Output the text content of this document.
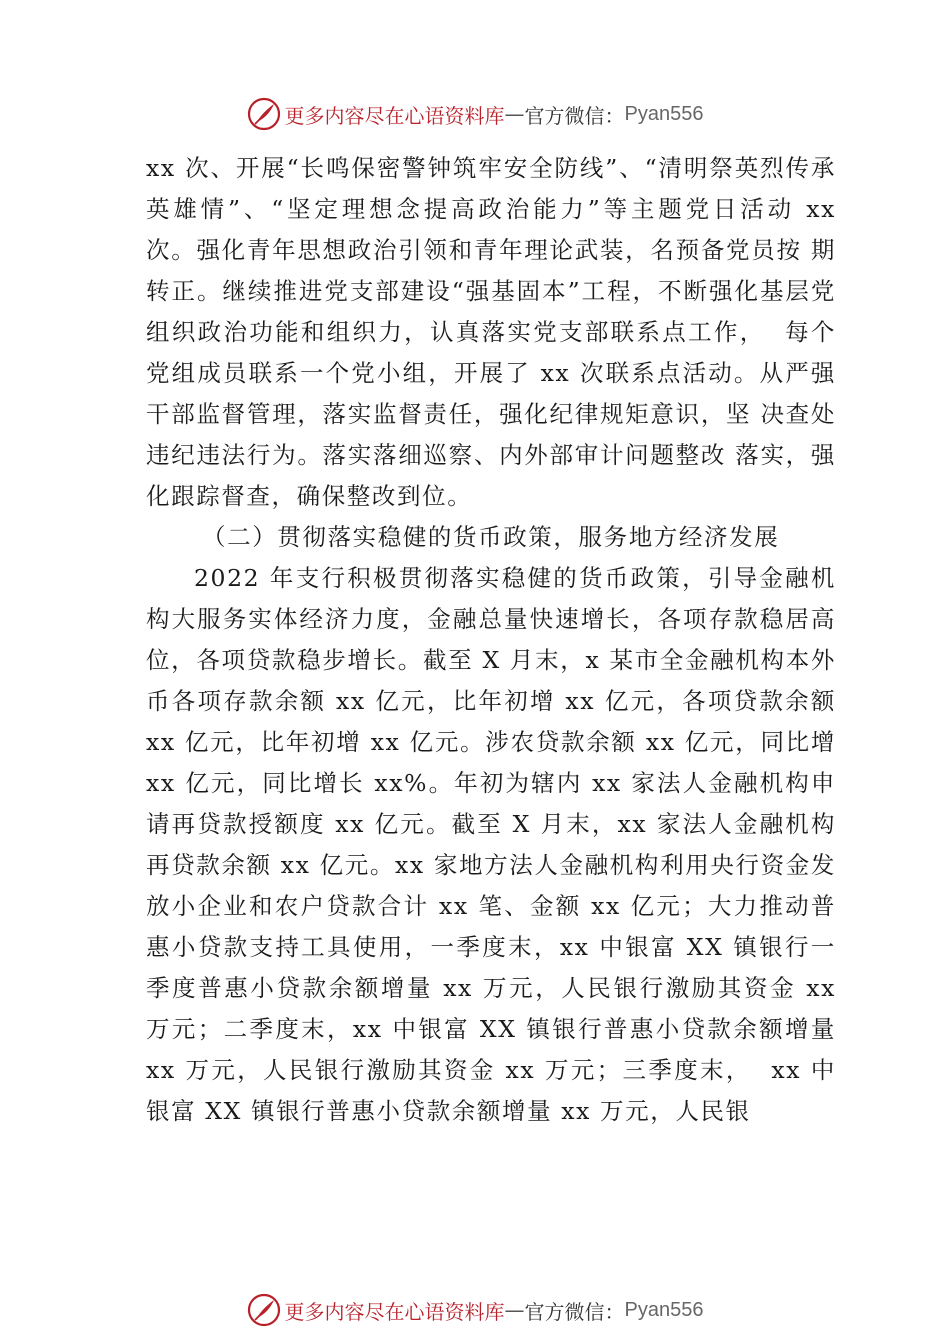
更多内容尽在心语资料库 — 官方微信： Pyan556

xx 次、开展“长鸣保密警钟筑牢安全防线”、“清明祭英烈传承英雄情”、“坚定理想念提高政治能力”等主题党日活动 xx 次。强化青年思想政治引领和青年理论武装，名预备党员按 期转正。继续推进党支部建设“强基固本”工程，不断强化基层党组织政治功能和组织力，认真落实党支部联系点工作，  每个党组成员联系一个党小组，开展了 xx 次联系点活动。从严强干部监督管理，落实监督责任，强化纪律规矩意识，坚 决查处违纪违法行为。落实落细巡察、内外部审计问题整改 落实，强化跟踪督查，确保整改到位。

（二）贯彻落实稳健的货币政策，服务地方经济发展

2022 年支行积极贯彻落实稳健的货币政策，引导金融机构大服务实体经济力度，金融总量快速增长，各项存款稳居高位，各项贷款稳步增长。截至 X 月末，x 某市全金融机构本外币各项存款余额 xx 亿元，比年初增 xx 亿元，各项贷款余额 xx 亿元，比年初增 xx 亿元。涉农贷款余额 xx 亿元，同比增 xx 亿元，同比增长 xx%。年初为辖内 xx 家法人金融机构申请再贷款授额度 xx 亿元。截至 X 月末，xx 家法人金融机构再贷款余额 xx 亿元。xx 家地方法人金融机构利用央行资金发放小企业和农户贷款合计 xx 笔、金额 xx 亿元；大力推动普惠小贷款支持工具使用，一季度末，xx 中银富 XX 镇银行一季度普惠小贷款余额增量 xx 万元，人民银行激励其资金 xx 万元；二季度末，xx 中银富 XX 镇银行普惠小贷款余额增量 xx 万元，人民银行激励其资金 xx 万元；三季度末，  xx 中银富 XX 镇银行普惠小贷款余额增量 xx 万元，人民银

更多内容尽在心语资料库 — 官方微信： Pyan556
